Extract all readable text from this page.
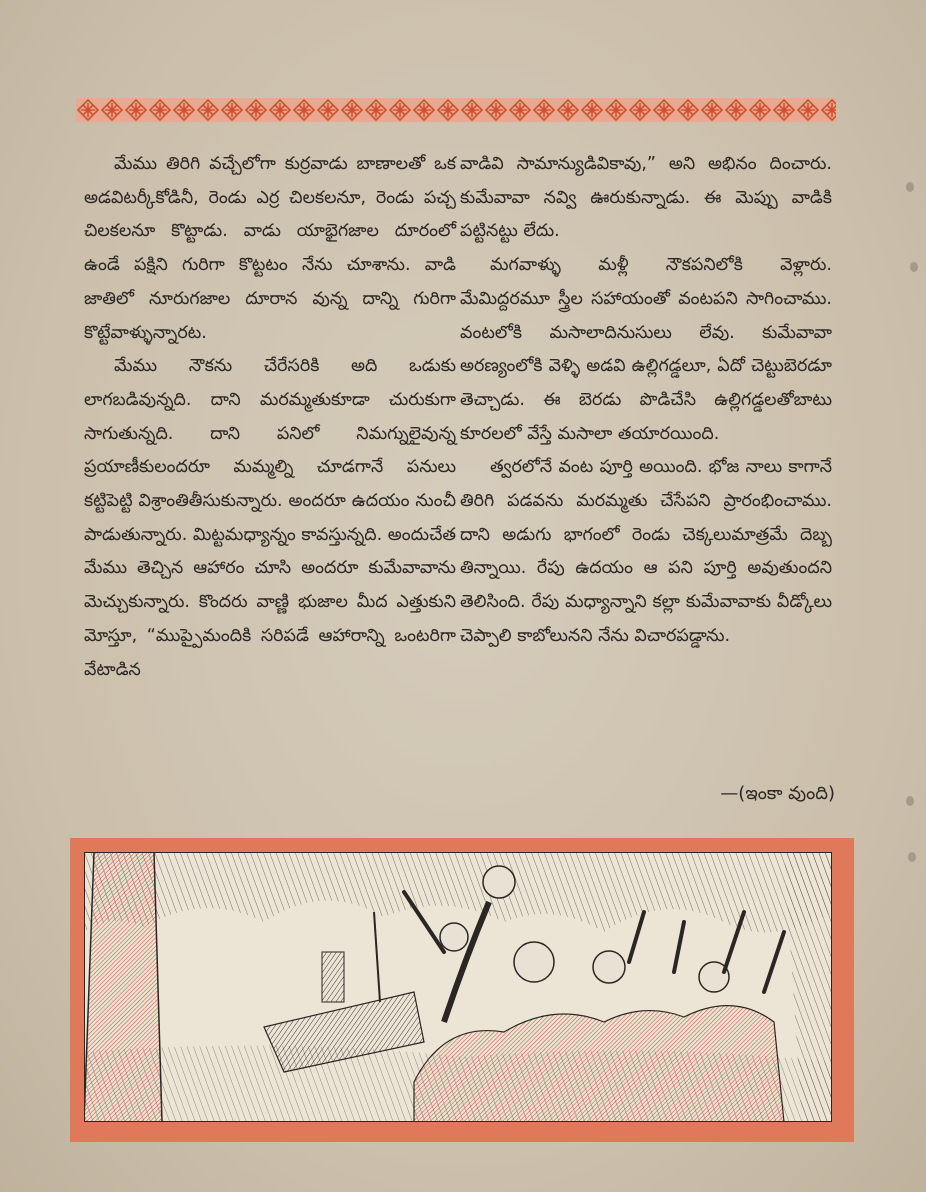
మేము తిరిగి వచ్చేలోగా కుర్రవాడు బాణాలతో ఒక అడవిటర్కీకోడినీ, రెండు ఎర్ర చిలకలనూ, రెండు పచ్చ చిలకలనూ కొట్టాడు. వాడు యాభైగజాల దూరంలో ఉండే పక్షిని గురిగా కొట్టటం నేను చూశాను. వాడి జాతిలో నూరుగజాల దూరాన వున్న దాన్ని గురిగా కొట్టేవాళ్ళున్నారట.

మేము నౌకను చేరేసరికి అది ఒడుకు లాగబడివున్నది. దాని మరమ్మతుకూడా చురుకుగా సాగుతున్నది. దాని పనిలో నిమగ్నులైవున్న ప్రయాణీకులందరూ మమ్మల్ని చూడగానే పనులు కట్టిపెట్టి విశ్రాంతితీసుకున్నారు. అందరూ ఉదయం నుంచీ పాడుతున్నారు. మిట్టమధ్యాన్నం కావస్తున్నది. అందుచేత మేము తెచ్చిన ఆహారం చూసి అందరూ కుమేవావాను మెచ్చుకున్నారు. కొందరు వాణ్ణి భుజాల మీద ఎత్తుకుని మోస్తూ, “ముప్పైమందికి సరిపడే ఆహారాన్ని ఒంటరిగా వేటాడిన

వాడివి సామాన్యుడివికావు,” అని అభినం దించారు. కుమేవావా నవ్వి ఊరుకున్నాడు. ఈ మెప్పు వాడికి పట్టినట్టు లేదు.

మగవాళ్ళు మళ్లీ నౌకపనిలోకి వెళ్లారు. మేమిద్దరమూ స్త్రీల సహాయంతో వంటపని సాగించాము. వంటలోకి మసాలాదినుసులు లేవు. కుమేవావా అరణ్యంలోకి వెళ్ళి అడవి ఉల్లిగడ్డలూ, ఏదో చెట్టుబెరడూ తెచ్చాడు. ఈ బెరడు పొడిచేసి ఉల్లిగడ్డలతోబాటు కూరలలో వేస్తే మసాలా తయారయింది.

త్వరలోనే వంట పూర్తి అయింది. భోజ నాలు కాగానే తిరిగి పడవను మరమ్మతు చేసేపని ప్రారంభించాము. దాని అడుగు భాగంలో రెండు చెక్కలుమాత్రమే దెబ్బ తిన్నాయి. రేపు ఉదయం ఆ పని పూర్తి అవుతుందని తెలిసింది. రేపు మధ్యాన్నాని కల్లా కుమేవావాకు వీడ్కోలు చెప్పాలి కాబోలునని నేను విచారపడ్డాను.

—(ఇంకా వుంది)
